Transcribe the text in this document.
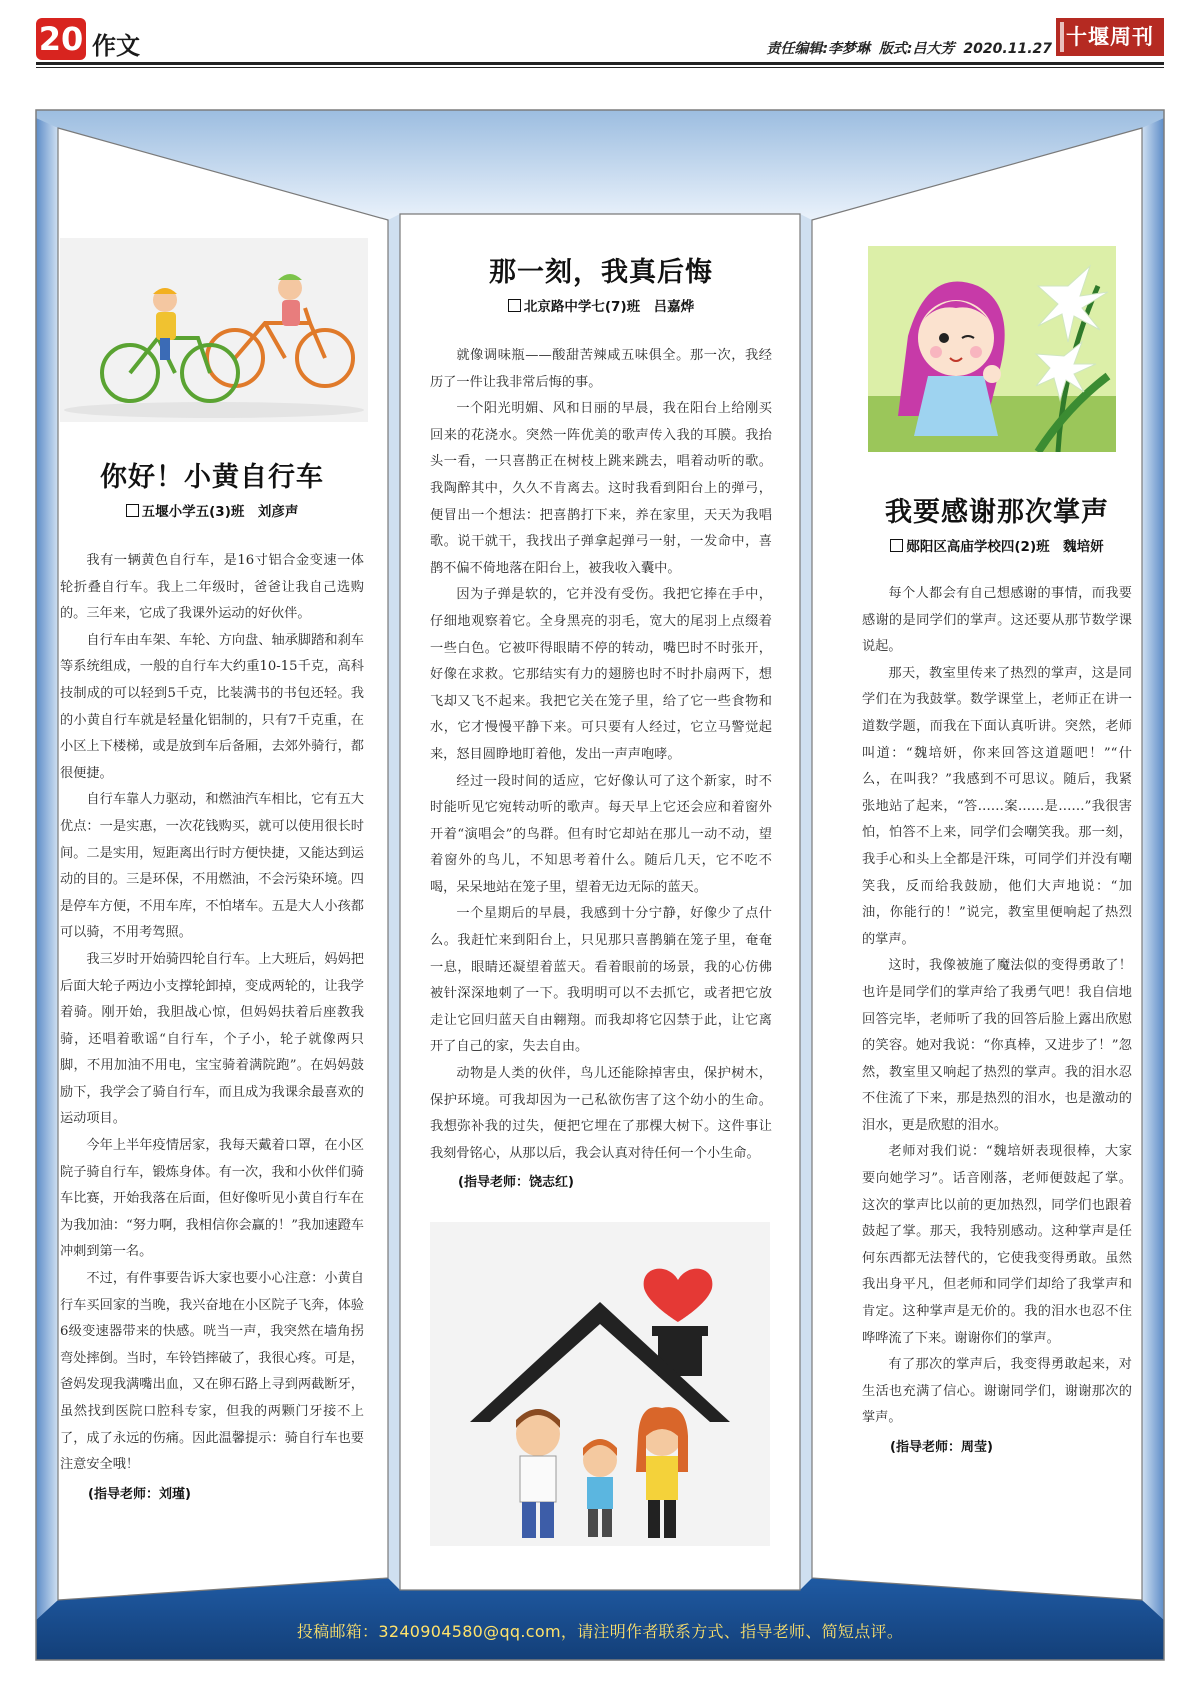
20 作文	责任编辑:李梦琳 版式:吕大芳 2020.11.27 十堰周刊
投稿邮箱：3240904580@qq.com，请注明作者联系方式、指导老师、简短点评。
你好！小黄自行车
五堰小学五(3)班　刘彦声

我有一辆黄色自行车，是16寸铝合金变速一体轮折叠自行车。我上二年级时，爸爸让我自己选购的。三年来，它成了我课外运动的好伙伴。

自行车由车架、车轮、方向盘、轴承脚踏和刹车等系统组成，一般的自行车大约重10-15千克，高科技制成的可以轻到5千克，比装满书的书包还轻。我的小黄自行车就是轻量化铝制的，只有7千克重，在小区上下楼梯，或是放到车后备厢，去郊外骑行，都很便捷。

自行车靠人力驱动，和燃油汽车相比，它有五大优点：一是实惠，一次花钱购买，就可以使用很长时间。二是实用，短距离出行时方便快捷，又能达到运动的目的。三是环保，不用燃油，不会污染环境。四是停车方便，不用车库，不怕堵车。五是大人小孩都可以骑，不用考驾照。

我三岁时开始骑四轮自行车。上大班后，妈妈把后面大轮子两边小支撑轮卸掉，变成两轮的，让我学着骑。刚开始，我胆战心惊，但妈妈扶着后座教我骑，还唱着歌谣“自行车，个子小，轮子就像两只脚，不用加油不用电，宝宝骑着满院跑”。在妈妈鼓励下，我学会了骑自行车，而且成为我课余最喜欢的运动项目。

今年上半年疫情居家，我每天戴着口罩，在小区院子骑自行车，锻炼身体。有一次，我和小伙伴们骑车比赛，开始我落在后面，但好像听见小黄自行车在为我加油：“努力啊，我相信你会赢的！”我加速蹬车冲刺到第一名。

不过，有件事要告诉大家也要小心注意：小黄自行车买回家的当晚，我兴奋地在小区院子飞奔，体验6级变速器带来的快感。咣当一声，我突然在墙角拐弯处摔倒。当时，车铃铛摔破了，我很心疼。可是，爸妈发现我满嘴出血，又在卵石路上寻到两截断牙，虽然找到医院口腔科专家，但我的两颗门牙接不上了，成了永远的伤痛。因此温馨提示：骑自行车也要注意安全哦！

(指导老师：刘瑾)
那一刻，我真后悔
北京路中学七(7)班　吕嘉烨

就像调味瓶——酸甜苦辣咸五味俱全。那一次，我经历了一件让我非常后悔的事。

一个阳光明媚、风和日丽的早晨，我在阳台上给刚买回来的花浇水。突然一阵优美的歌声传入我的耳膜。我抬头一看，一只喜鹊正在树枝上跳来跳去，唱着动听的歌。我陶醉其中，久久不肯离去。这时我看到阳台上的弹弓，便冒出一个想法：把喜鹊打下来，养在家里，天天为我唱歌。说干就干，我找出子弹拿起弹弓一射，一发命中，喜鹊不偏不倚地落在阳台上，被我收入囊中。

因为子弹是软的，它并没有受伤。我把它捧在手中，仔细地观察着它。全身黑亮的羽毛，宽大的尾羽上点缀着一些白色。它被吓得眼睛不停的转动，嘴巴时不时张开，好像在求救。它那结实有力的翅膀也时不时扑扇两下，想飞却又飞不起来。我把它关在笼子里，给了它一些食物和水，它才慢慢平静下来。可只要有人经过，它立马警觉起来，怒目圆睁地盯着他，发出一声声咆哮。

经过一段时间的适应，它好像认可了这个新家，时不时能听见它宛转动听的歌声。每天早上它还会应和着窗外开着“演唱会”的鸟群。但有时它却站在那儿一动不动，望着窗外的鸟儿，不知思考着什么。随后几天，它不吃不喝，呆呆地站在笼子里，望着无边无际的蓝天。

一个星期后的早晨，我感到十分宁静，好像少了点什么。我赶忙来到阳台上，只见那只喜鹊躺在笼子里，奄奄一息，眼睛还凝望着蓝天。看着眼前的场景，我的心仿佛被针深深地刺了一下。我明明可以不去抓它，或者把它放走让它回归蓝天自由翱翔。而我却将它囚禁于此，让它离开了自己的家，失去自由。

动物是人类的伙伴，鸟儿还能除掉害虫，保护树木，保护环境。可我却因为一己私欲伤害了这个幼小的生命。我想弥补我的过失，便把它埋在了那棵大树下。这件事让我刻骨铭心，从那以后，我会认真对待任何一个小生命。

(指导老师：饶志红)
我要感谢那次掌声
郧阳区高庙学校四(2)班　魏培妍

每个人都会有自己想感谢的事情，而我要感谢的是同学们的掌声。这还要从那节数学课说起。

那天，教室里传来了热烈的掌声，这是同学们在为我鼓掌。数学课堂上，老师正在讲一道数学题，而我在下面认真听讲。突然，老师叫道：“魏培妍，你来回答这道题吧！”“什么，在叫我？”我感到不可思议。随后，我紧张地站了起来，“答……案……是……”我很害怕，怕答不上来，同学们会嘲笑我。那一刻，我手心和头上全都是汗珠，可同学们并没有嘲笑我，反而给我鼓励，他们大声地说：“加油，你能行的！”说完，教室里便响起了热烈的掌声。

这时，我像被施了魔法似的变得勇敢了！也许是同学们的掌声给了我勇气吧！我自信地回答完毕，老师听了我的回答后脸上露出欣慰的笑容。她对我说：“你真棒，又进步了！”忽然，教室里又响起了热烈的掌声。我的泪水忍不住流了下来，那是热烈的泪水，也是激动的泪水，更是欣慰的泪水。

老师对我们说：“魏培妍表现很棒，大家要向她学习”。话音刚落，老师便鼓起了掌。这次的掌声比以前的更加热烈，同学们也跟着鼓起了掌。那天，我特别感动。这种掌声是任何东西都无法替代的，它使我变得勇敢。虽然我出身平凡，但老师和同学们却给了我掌声和肯定。这种掌声是无价的。我的泪水也忍不住哗哗流了下来。谢谢你们的掌声。

有了那次的掌声后，我变得勇敢起来，对生活也充满了信心。谢谢同学们，谢谢那次的掌声。

(指导老师：周莹)
